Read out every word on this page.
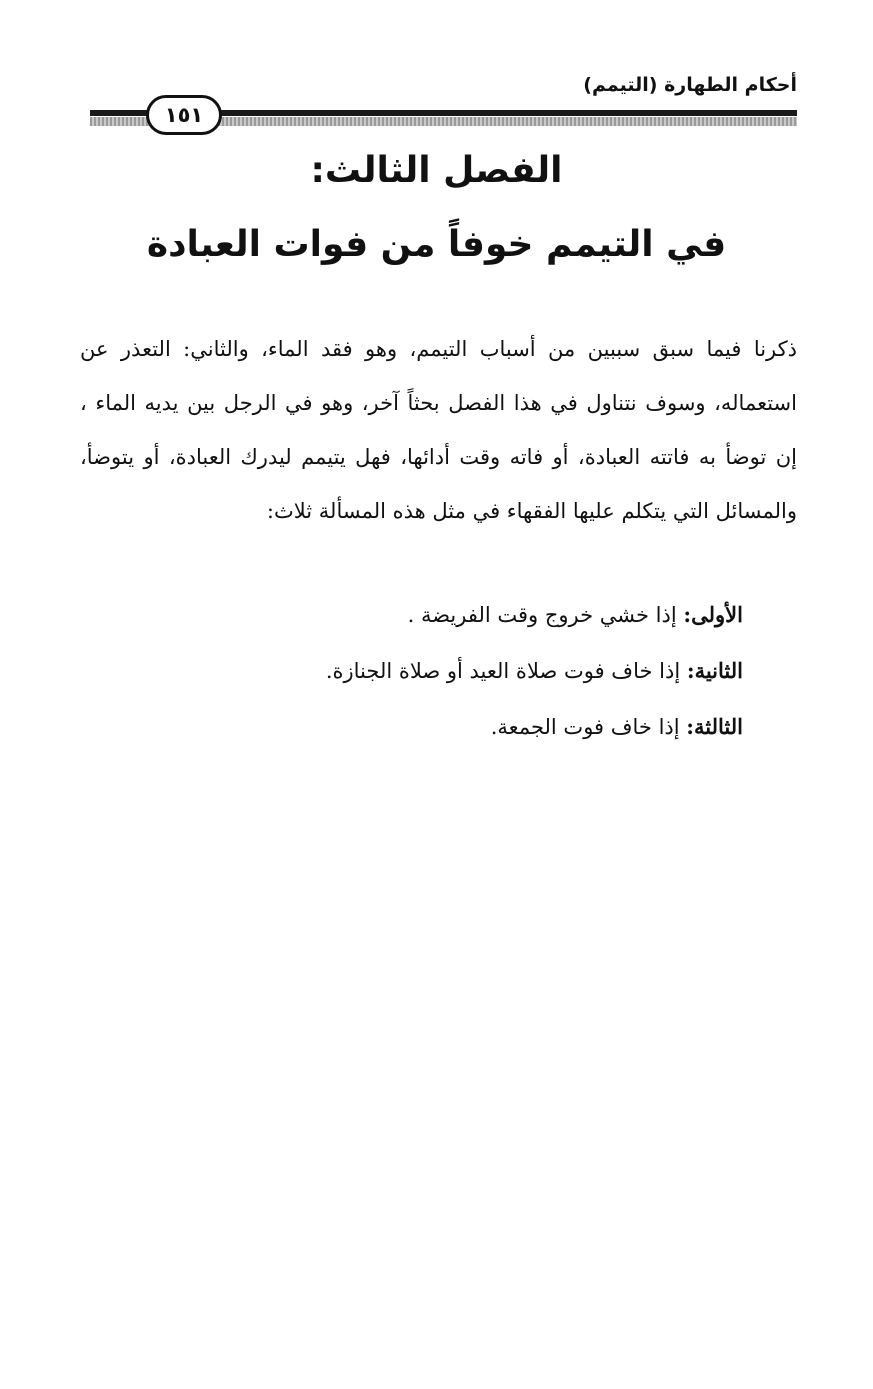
أحكام الطهارة (التيمم)
١٥١
الفصل الثالث:
في التيمم خوفاً من فوات العبادة
ذكرنا فيما سبق سببين من أسباب التيمم، وهو فقد الماء، والثاني: التعذر عن استعماله، وسوف نتناول في هذا الفصل بحثاً آخر، وهو في الرجل بين يديه الماء ، إن توضأ به فاتته العبادة، أو فاته وقت أدائها، فهل يتيمم ليدرك العبادة، أو يتوضأ، والمسائل التي يتكلم عليها الفقهاء في مثل هذه المسألة ثلاث:
الأولى: إذا خشي خروج وقت الفريضة .
الثانية: إذا خاف فوت صلاة العيد أو صلاة الجنازة.
الثالثة: إذا خاف فوت الجمعة.
